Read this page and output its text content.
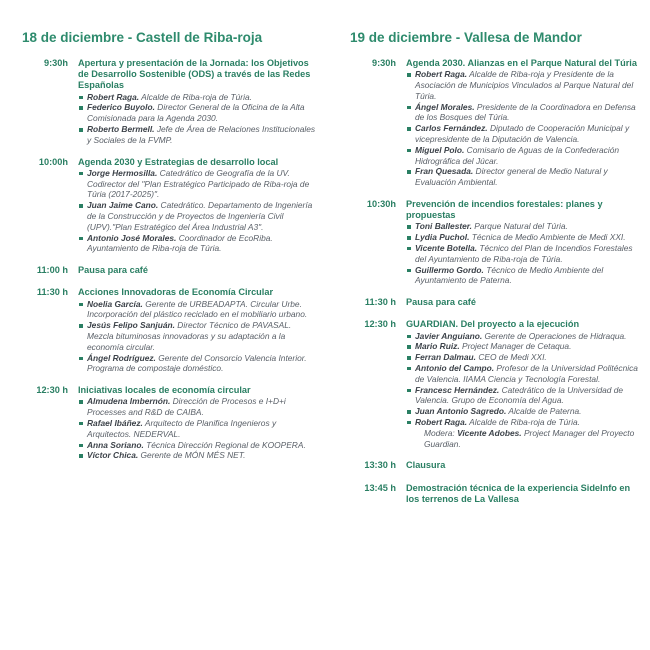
18 de diciembre - Castell de Riba-roja
9:30h Apertura y presentación de la Jornada: los Objetivos de Desarrollo Sostenible (ODS) a través de las Redes Españolas
Robert Raga. Alcalde de Riba-roja de Túria.
Federico Buyolo. Director General de la Oficina de la Alta Comisionada para la Agenda 2030.
Roberto Bermell. Jefe de Área de Relaciones Institucionales y Sociales de la FVMP.
10:00h Agenda 2030 y Estrategias de desarrollo local
Jorge Hermosilla. Catedrático de Geografía de la UV. Codirector del "Plan Estratégico Participado de Riba-roja de Túria (2017-2025)".
Juan Jaime Cano. Catedrático. Departamento de Ingeniería de la Construcción y de Proyectos de Ingeniería Civil (UPV)."Plan Estratégico del Área Industrial A3".
Antonio José Morales. Coordinador de EcoRiba. Ayuntamiento de Riba-roja de Túria.
11:00 h Pausa para café
11:30 h Acciones Innovadoras de Economía Circular
Noelia García. Gerente de URBEADAPTA. Circular Urbe. Incorporación del plástico reciclado en el mobiliario urbano.
Jesús Felipo Sanjuán. Director Técnico de PAVASAL. Mezcla bituminosas innovadoras y su adaptación a la economía circular.
Ángel Rodríguez. Gerente del Consorcio Valencia Interior. Programa de compostaje doméstico.
12:30 h Iniciativas locales de economía circular
Almudena Imbernón. Dirección de Procesos e I+D+i Processes and R&D de CAIBA.
Rafael Ibáñez. Arquitecto de Planifica Ingenieros y Arquitectos. NEDERVAL.
Anna Soriano. Técnica Dirección Regional de KOOPERA.
Víctor Chica. Gerente de MÓN MÉS NET.
19 de diciembre - Vallesa de Mandor
9:30h Agenda 2030. Alianzas en el Parque Natural del Túria
Robert Raga. Alcalde de Riba-roja y Presidente de la Asociación de Municipios Vinculados al Parque Natural del Túria.
Ángel Morales. Presidente de la Coordinadora en Defensa de los Bosques del Túria.
Carlos Fernández. Diputado de Cooperación Municipal y vicepresidente de la Diputación de Valencia.
Miguel Polo. Comisario de Aguas de la Confederación Hidrográfica del Júcar.
Fran Quesada. Director general de Medio Natural y Evaluación Ambiental.
10:30h Prevención de incendios forestales: planes y propuestas
Toni Ballester. Parque Natural del Túria.
Lydia Puchol. Técnica de Medio Ambiente de Medi XXI.
Vicente Botella. Técnico del Plan de Incendios Forestales del Ayuntamiento de Riba-roja de Túria.
Guillermo Gordo. Técnico de Medio Ambiente del Ayuntamiento de Paterna.
11:30 h Pausa para café
12:30 h GUARDIAN. Del proyecto a la ejecución
Javier Anguiano. Gerente de Operaciones de Hidraqua.
Mario Ruiz. Project Manager de Cetaqua.
Ferran Dalmau. CEO de Medi XXI.
Antonio del Campo. Profesor de la Universidad Politécnica de Valencia. IIAMA Ciencia y Tecnología Forestal.
Francesc Hernández. Catedrático de la Universidad de Valencia. Grupo de Economía del Agua.
Juan Antonio Sagredo. Alcalde de Paterna.
Robert Raga. Alcalde de Riba-roja de Túria.
Modera: Vicente Adobes. Project Manager del Proyecto Guardian.
13:30 h Clausura
13:45 h Demostración técnica de la experiencia SideInfo en los terrenos de La Vallesa
